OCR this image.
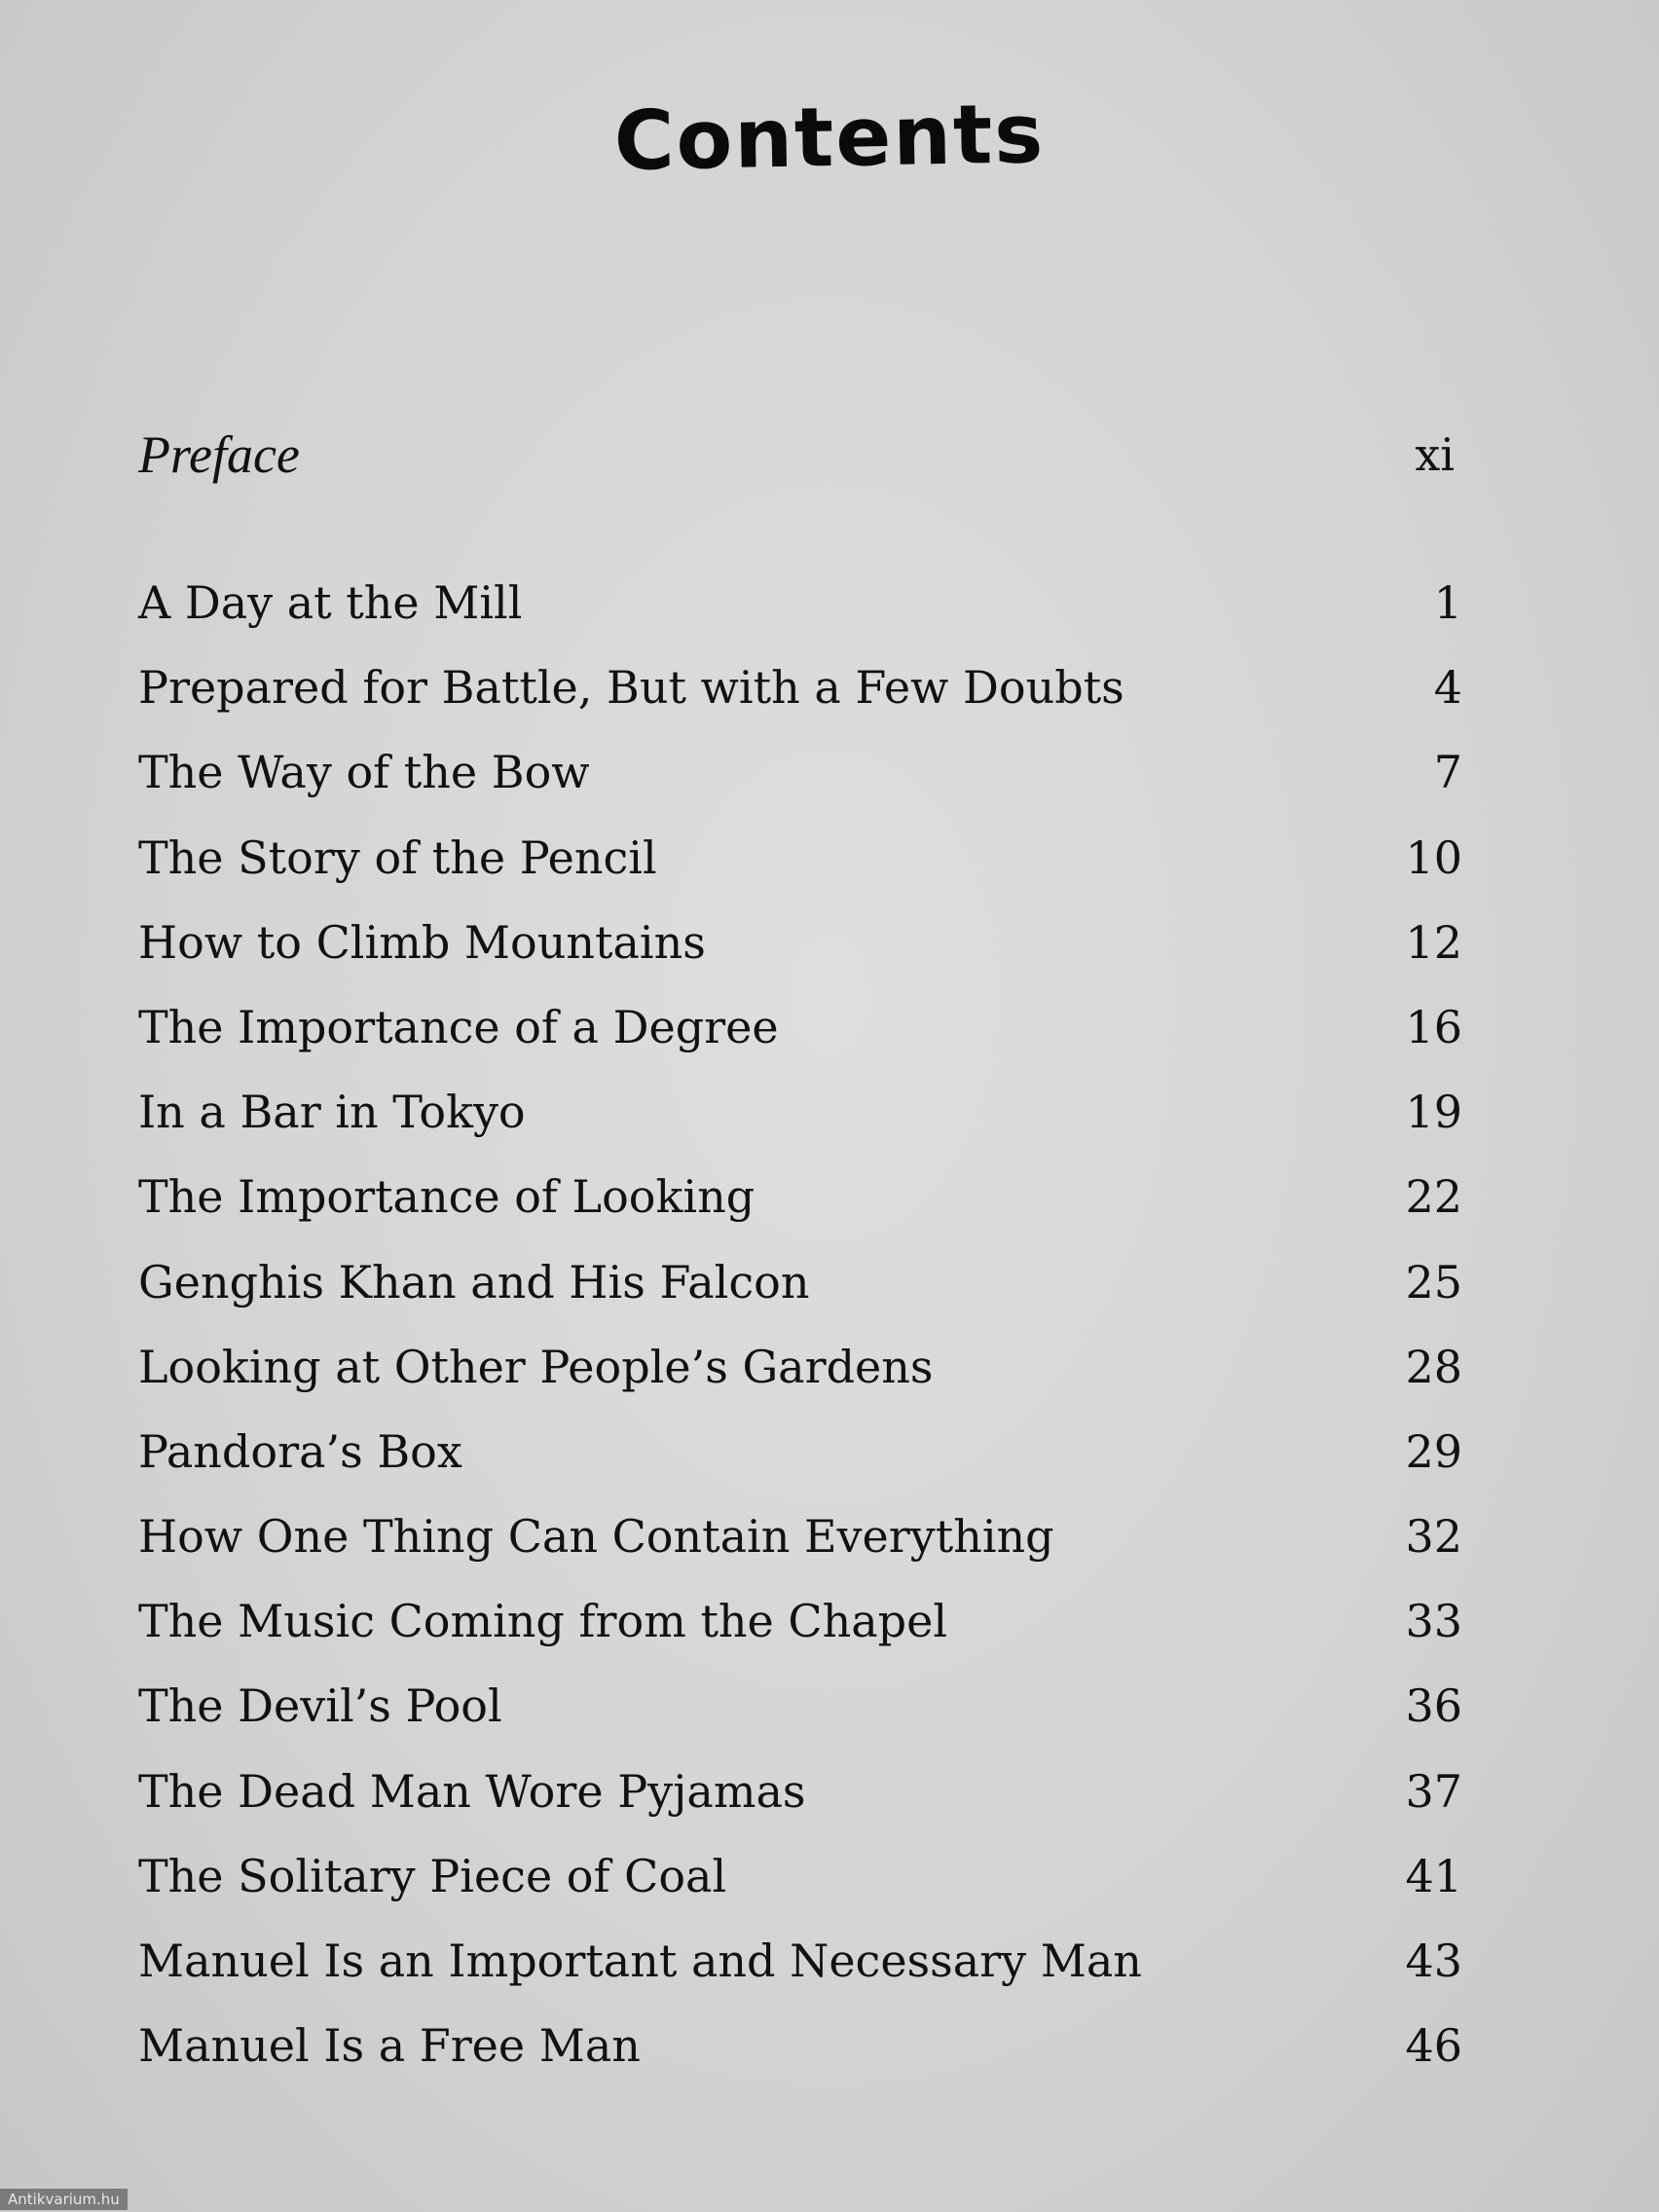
Contents
Preface	xi
A Day at the Mill	1
Prepared for Battle, But with a Few Doubts	4
The Way of the Bow	7
The Story of the Pencil	10
How to Climb Mountains	12
The Importance of a Degree	16
In a Bar in Tokyo	19
The Importance of Looking	22
Genghis Khan and His Falcon	25
Looking at Other People’s Gardens	28
Pandora’s Box	29
How One Thing Can Contain Everything	32
The Music Coming from the Chapel	33
The Devil’s Pool	36
The Dead Man Wore Pyjamas	37
The Solitary Piece of Coal	41
Manuel Is an Important and Necessary Man	43
Manuel Is a Free Man	46
Antikvarium.hu
